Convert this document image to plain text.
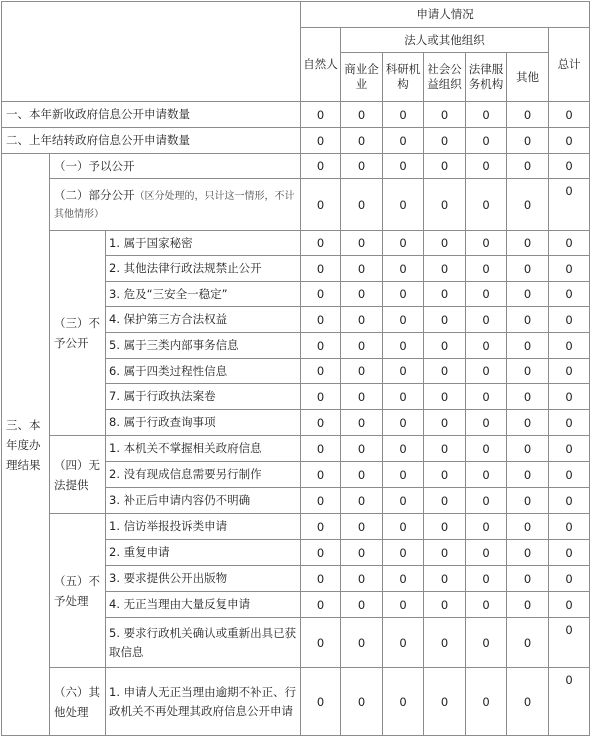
			申请人情况						
			自然人	法人或其他组织					总计
				商业企业	科研机构	社会公益组织	法律服务机构	其他	
一、本年新收政府信息公开申请数量			0	0	0	0	0	0	0
二、上年结转政府信息公开申请数量			0	0	0	0	0	0	0
三、本年度办理结果	（一）予以公开		0	0	0	0	0	0	0
	（二）部分公开（区分处理的，只计这一情形，不计其他情形）		0	0	0	0	0	0	0
	（三）不予公开	1. 属于国家秘密	0	0	0	0	0	0	0
		2. 其他法律行政法规禁止公开	0	0	0	0	0	0	0
		3. 危及“三安全一稳定”	0	0	0	0	0	0	0
		4. 保护第三方合法权益	0	0	0	0	0	0	0
		5. 属于三类内部事务信息	0	0	0	0	0	0	0
		6. 属于四类过程性信息	0	0	0	0	0	0	0
		7. 属于行政执法案卷	0	0	0	0	0	0	0
		8. 属于行政查询事项	0	0	0	0	0	0	0
	（四）无法提供	1. 本机关不掌握相关政府信息	0	0	0	0	0	0	0
		2. 没有现成信息需要另行制作	0	0	0	0	0	0	0
		3. 补正后申请内容仍不明确	0	0	0	0	0	0	0
	（五）不予处理	1. 信访举报投诉类申请	0	0	0	0	0	0	0
		2. 重复申请	0	0	0	0	0	0	0
		3. 要求提供公开出版物	0	0	0	0	0	0	0
		4. 无正当理由大量反复申请	0	0	0	0	0	0	0
		5. 要求行政机关确认或重新出具已获取信息	0	0	0	0	0	0	0
	（六）其他处理	1. 申请人无正当理由逾期不补正、行政机关不再处理其政府信息公开申请	0	0	0	0	0	0	0
